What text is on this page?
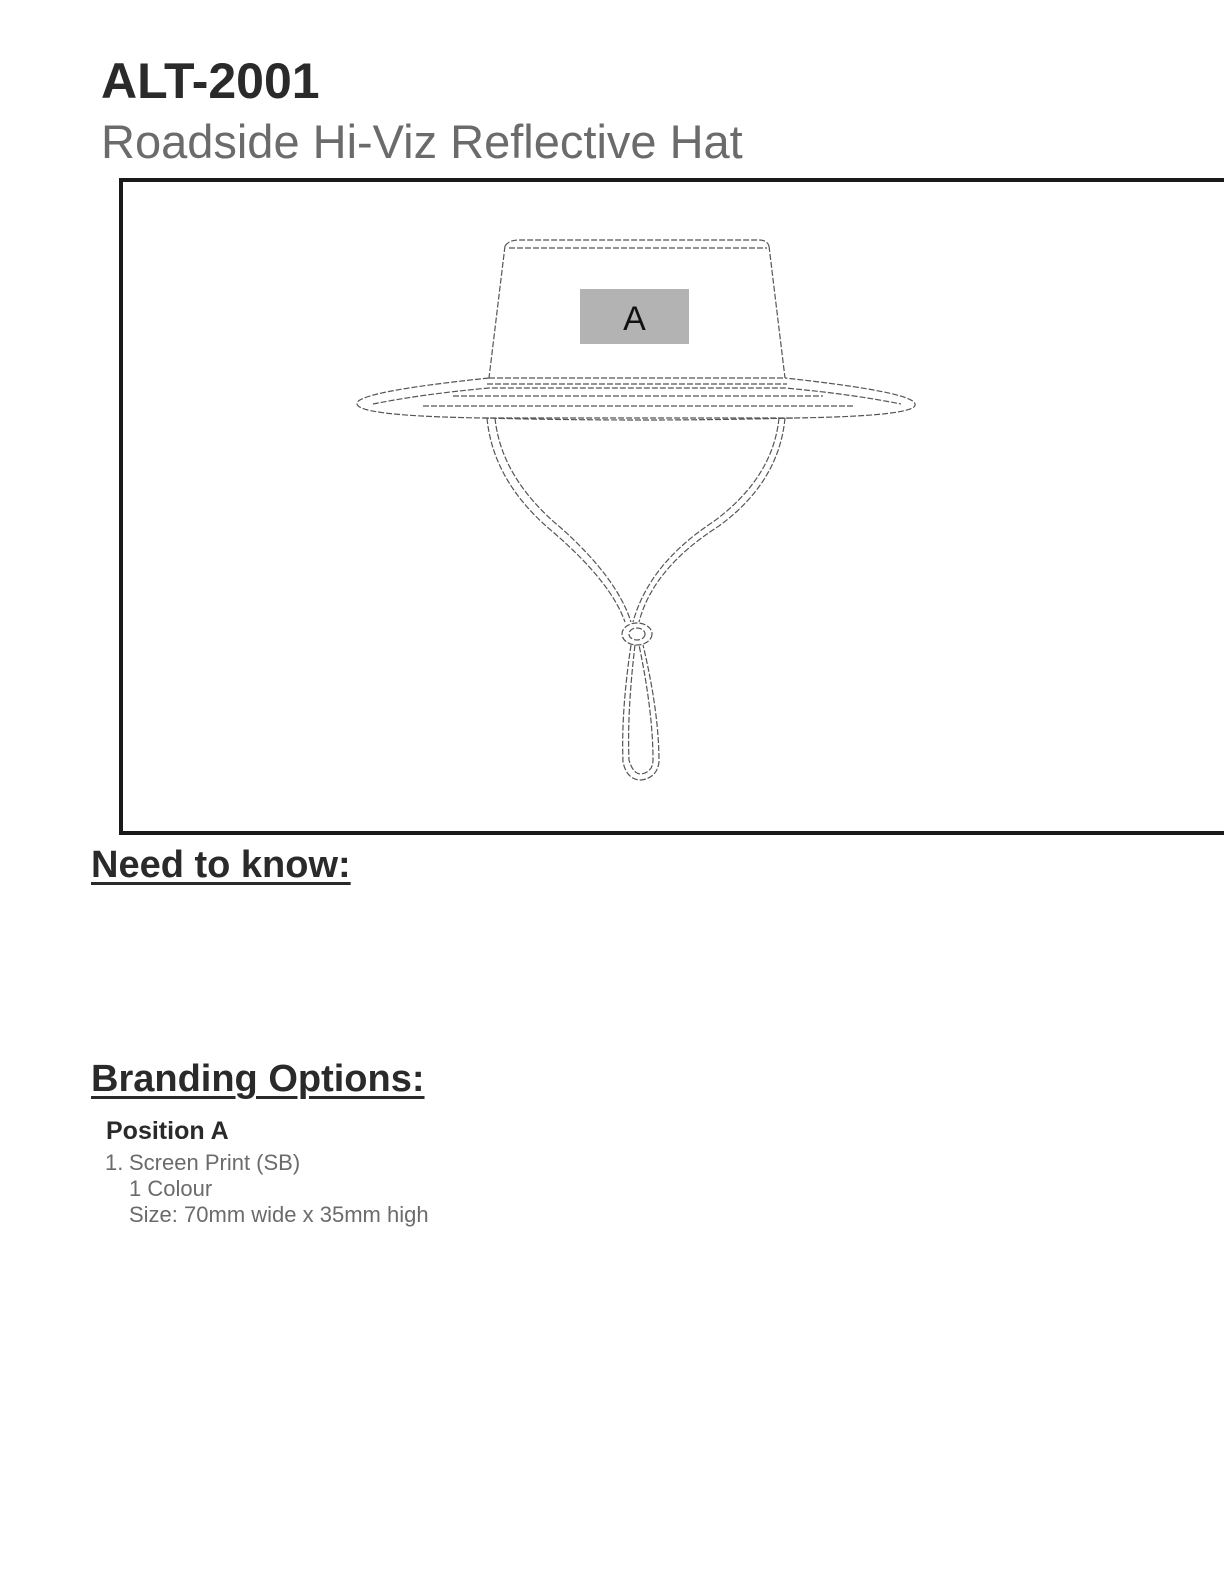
ALT-2001
Roadside Hi-Viz Reflective Hat
A
Need to know:
Branding Options:
Position A
1. Screen Print (SB)
1 Colour
Size: 70mm wide x 35mm high
